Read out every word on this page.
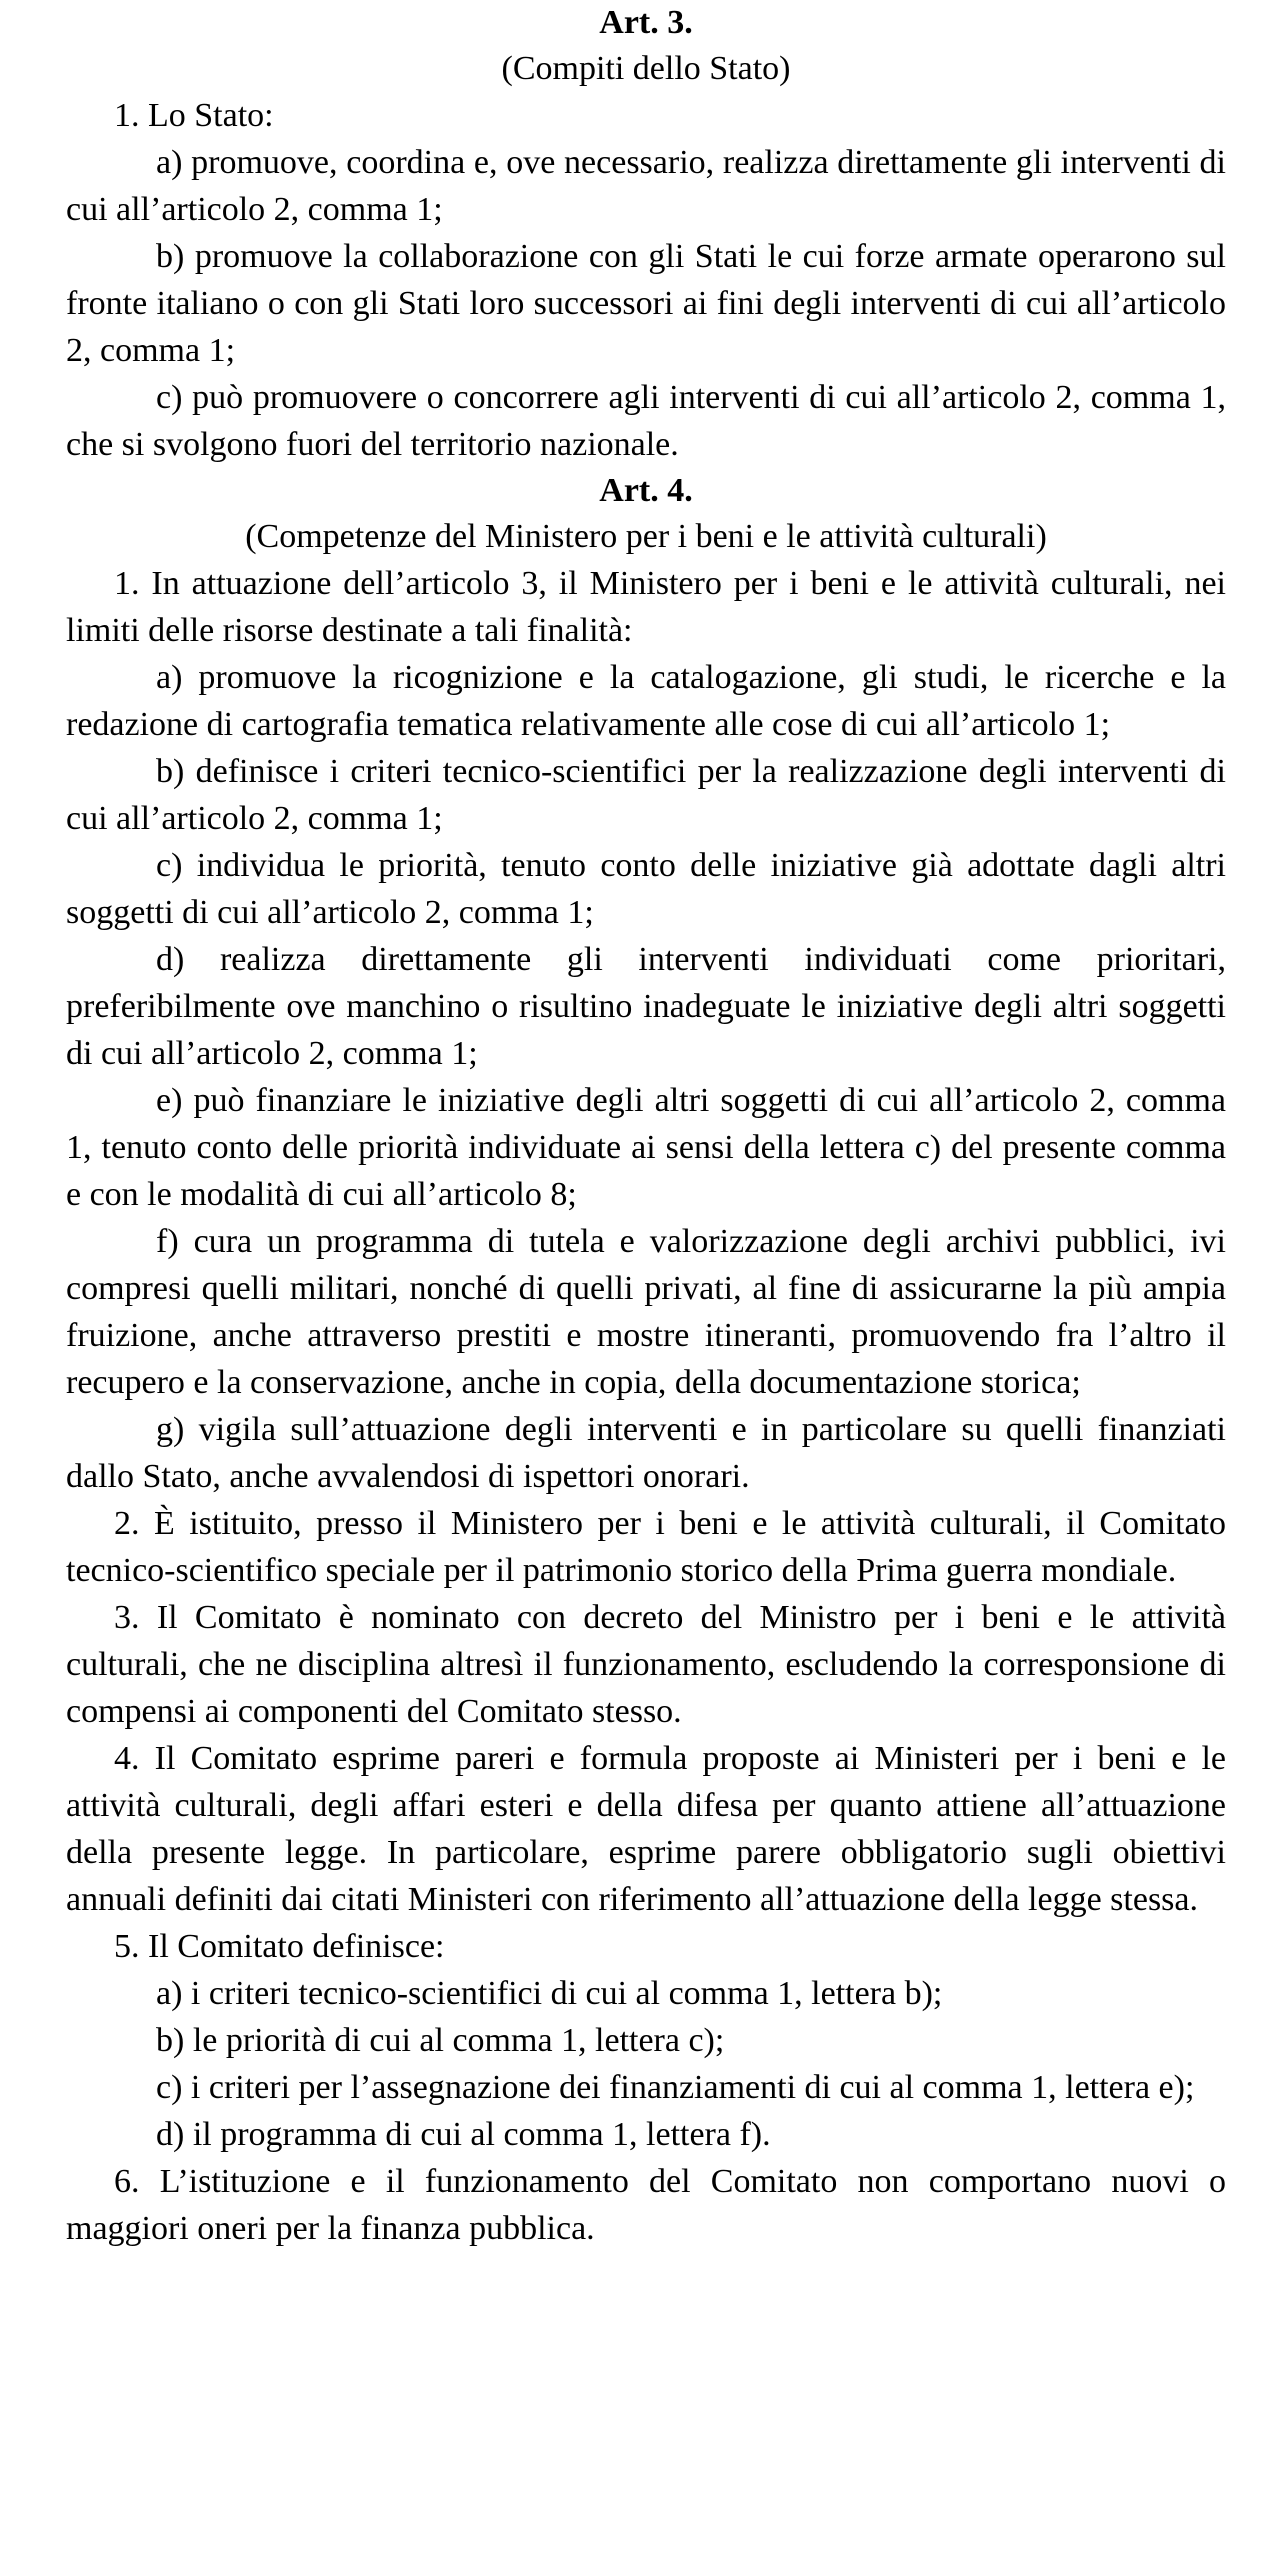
Art. 3.
(Compiti dello Stato)

1. Lo Stato:

a) promuove, coordina e, ove necessario, realizza direttamente gli interventi di cui all’articolo 2, comma 1;

b) promuove la collaborazione con gli Stati le cui forze armate operarono sul fronte italiano o con gli Stati loro successori ai fini degli interventi di cui all’articolo 2, comma 1;

c) può promuovere o concorrere agli interventi di cui all’articolo 2, comma 1, che si svolgono fuori del territorio nazionale.

Art. 4.
(Competenze del Ministero per i beni e le attività culturali)

1. In attuazione dell’articolo 3, il Ministero per i beni e le attività culturali, nei limiti delle risorse destinate a tali finalità:

a) promuove la ricognizione e la catalogazione, gli studi, le ricerche e la redazione di cartografia tematica relativamente alle cose di cui all’articolo 1;

b) definisce i criteri tecnico-scientifici per la realizzazione degli interventi di cui all’articolo 2, comma 1;

c) individua le priorità, tenuto conto delle iniziative già adottate dagli altri soggetti di cui all’articolo 2, comma 1;

d) realizza direttamente gli interventi individuati come prioritari, preferibilmente ove manchino o risultino inadeguate le iniziative degli altri soggetti di cui all’articolo 2, comma 1;

e) può finanziare le iniziative degli altri soggetti di cui all’articolo 2, comma 1, tenuto conto delle priorità individuate ai sensi della lettera c) del presente comma e con le modalità di cui all’articolo 8;

f) cura un programma di tutela e valorizzazione degli archivi pubblici, ivi compresi quelli militari, nonché di quelli privati, al fine di assicurarne la più ampia fruizione, anche attraverso prestiti e mostre itineranti, promuovendo fra l’altro il recupero e la conservazione, anche in copia, della documentazione storica;

g) vigila sull’attuazione degli interventi e in particolare su quelli finanziati dallo Stato, anche avvalendosi di ispettori onorari.

2. È istituito, presso il Ministero per i beni e le attività culturali, il Comitato tecnico-scientifico speciale per il patrimonio storico della Prima guerra mondiale.

3. Il Comitato è nominato con decreto del Ministro per i beni e le attività culturali, che ne disciplina altresì il funzionamento, escludendo la corresponsione di compensi ai componenti del Comitato stesso.

4. Il Comitato esprime pareri e formula proposte ai Ministeri per i beni e le attività culturali, degli affari esteri e della difesa per quanto attiene all’attuazione della presente legge. In particolare, esprime parere obbligatorio sugli obiettivi annuali definiti dai citati Ministeri con riferimento all’attuazione della legge stessa.

5. Il Comitato definisce:

a) i criteri tecnico-scientifici di cui al comma 1, lettera b);

b) le priorità di cui al comma 1, lettera c);

c) i criteri per l’assegnazione dei finanziamenti di cui al comma 1, lettera e);

d) il programma di cui al comma 1, lettera f).

6. L’istituzione e il funzionamento del Comitato non comportano nuovi o maggiori oneri per la finanza pubblica.
